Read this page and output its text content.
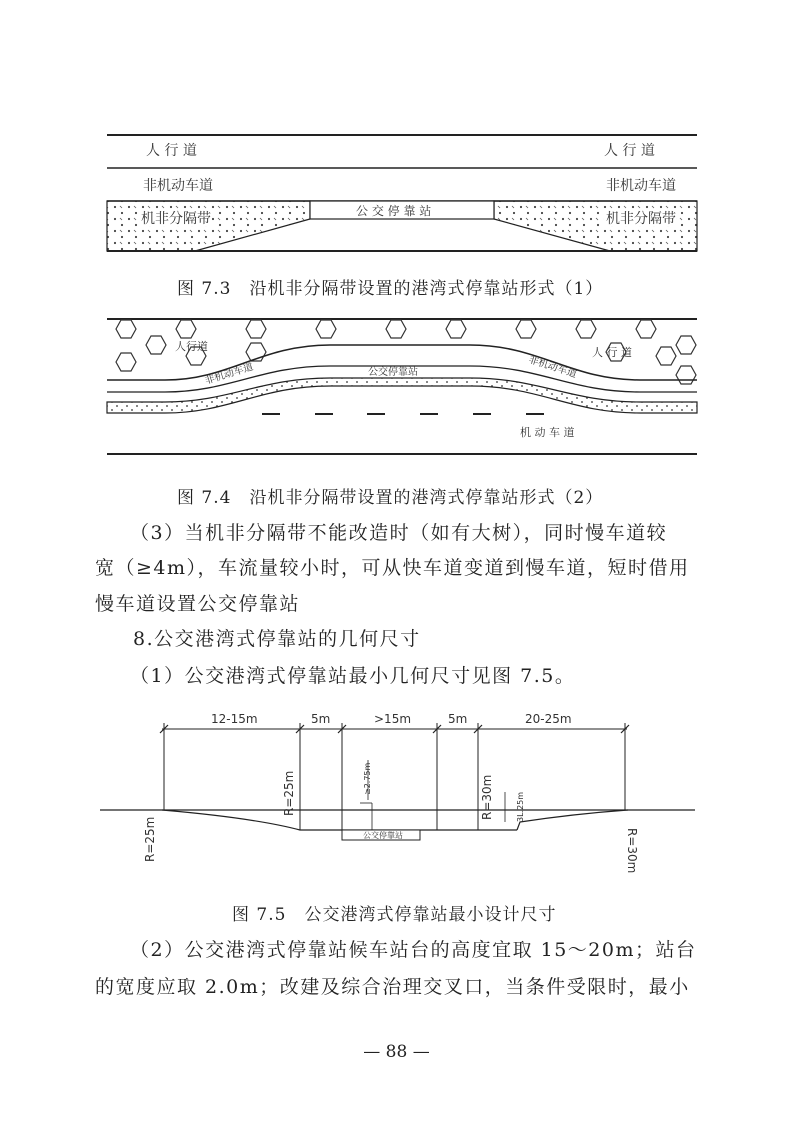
人 行 道	人 行 道
非机动车道	非机动车道
机非分隔带	机非分隔带
公 交 停 靠 站
图 7.3　沿机非分隔带设置的港湾式停靠站形式（1）
人行道	人 行 道
非机动车道	非机动车道
公交停靠站
机 动 车 道
图 7.4　沿机非分隔带设置的港湾式停靠站形式（2）
（3）当机非分隔带不能改造时（如有大树），同时慢车道较
宽（≥4m），车流量较小时，可从快车道变道到慢车道，短时借用
慢车道设置公交停靠站
8.公交港湾式停靠站的几何尺寸
（1）公交港湾式停靠站最小几何尺寸见图 7.5。
12-15m	5m	>15m	5m	20-25m
公交停靠站
≥2.75m
3L.25m
R=25m
R=25m	R=30m
R=30m
图 7.5　公交港湾式停靠站最小设计尺寸
（2）公交港湾式停靠站候车站台的高度宜取 15～20m；站台
的宽度应取 2.0m；改建及综合治理交叉口，当条件受限时，最小
— 88 —
